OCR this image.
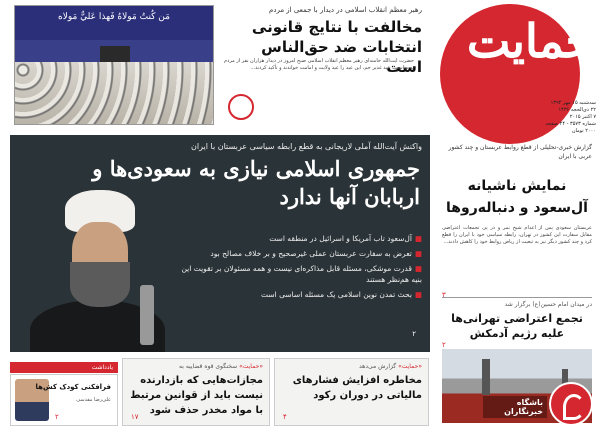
حمایت
سه‌شنبه ۱۵ مهر ۱۳۹۴
۲۲ ذی‌الحجه ۱۴۳۶
۷ اکتبر ۲۰۱۵
شماره ۳۵۷۳ - ۲۴ صفحه
۲۰۰۰ تومان
مَن كُنتُ مَولاهُ فَهذا عَليٌّ مَولاه
رهبر معظم انقلاب اسلامی در دیدار با جمعی از مردم
مخالفت با نتایج قانونی انتخابات ضد حق‌الناس است
حضرت آیت‌الله خامنه‌ای رهبر معظم انقلاب اسلامی صبح امروز در دیدار هزاران نفر از مردم به مناسبت عید غدیر خم، این عید را عید ولایت و امامت خواندند و تأکید کردند...
واکنش آیت‌الله آملی لاریجانی به قطع رابطه سیاسی عربستان با ایران
جمهوری اسلامی نیازی به سعودی‌ها و اربابان آنها ندارد
■آل‌سعود تاب آمریکا و اسرائیل در منطقه است
■تعرض به سفارت عربستان عملی غیرصحیح و بر خلاف مصالح بود
■قدرت موشکی، مسئله قابل مذاکره‌ای نیست و همه مسئولان بر تقویت این بنیه هم‌نظر هستند
■بحث تمدن نوین اسلامی یک مسئله اساسی است
۲
گزارش خبری-تحلیلی از قطع روابط عربستان و چند کشور عربی با ایران
نمایش ناشیانه آل‌سعود و دنباله‌روها
عربستان سعودی پس از اعدام شیخ نمر و در پی تجمعات اعتراضی مقابل سفارت این کشور در تهران، رابطه سیاسی خود با ایران را قطع کرد و چند کشور دیگر نیز به تبعیت از ریاض روابط خود را کاهش دادند...
۳
در میدان امام حسین(ع) برگزار شد
تجمع اعتراضی تهرانی‌ها علیه رژیم آدمکش
۲
«حمایت» گزارش می‌دهد
مخاطره افزایش فشارهای مالیاتی در دوران رکود
۴
«حمایت» سخنگوی قوه قضاییه به
مجازات‌هایی که بازدارنده نیست باید از قوانین مرتبط با مواد مخدر حذف شود
۱۷
یادداشت
فرافکنی کودک کش‌ها
علی‌رضا مقدسی
۲
باشگاه خبرنگاران
